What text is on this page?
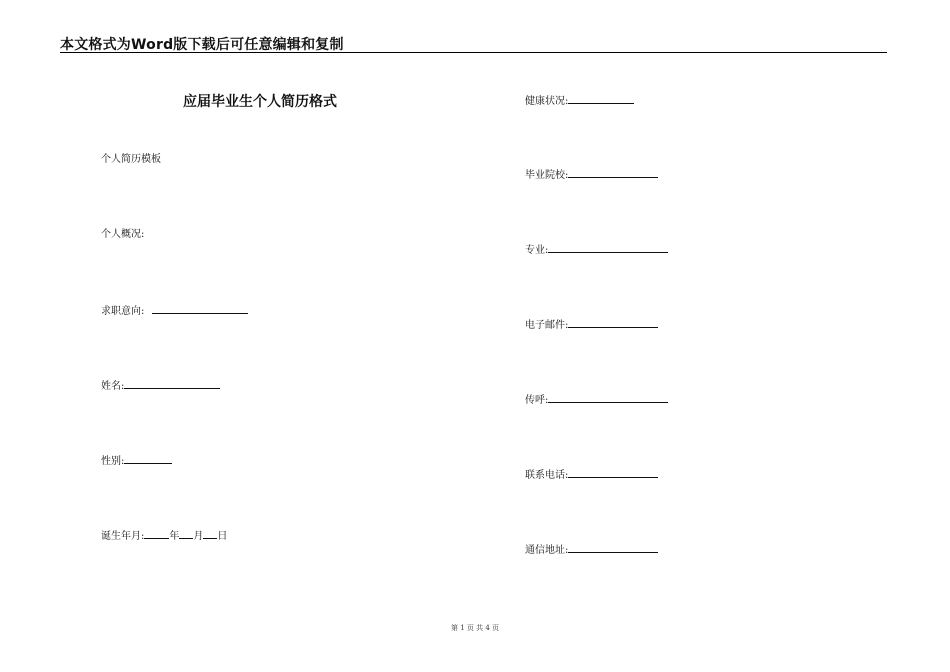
本文格式为Word版下载后可任意编辑和复制
应届毕业生个人简历格式
个人简历模板
个人概况:
求职意向:
姓名:
性别:
诞生年月:	年 月 日
健康状况:
毕业院校:
专业:
电子邮件:
传呼:
联系电话:
通信地址:
第 1 页 共 4 页
